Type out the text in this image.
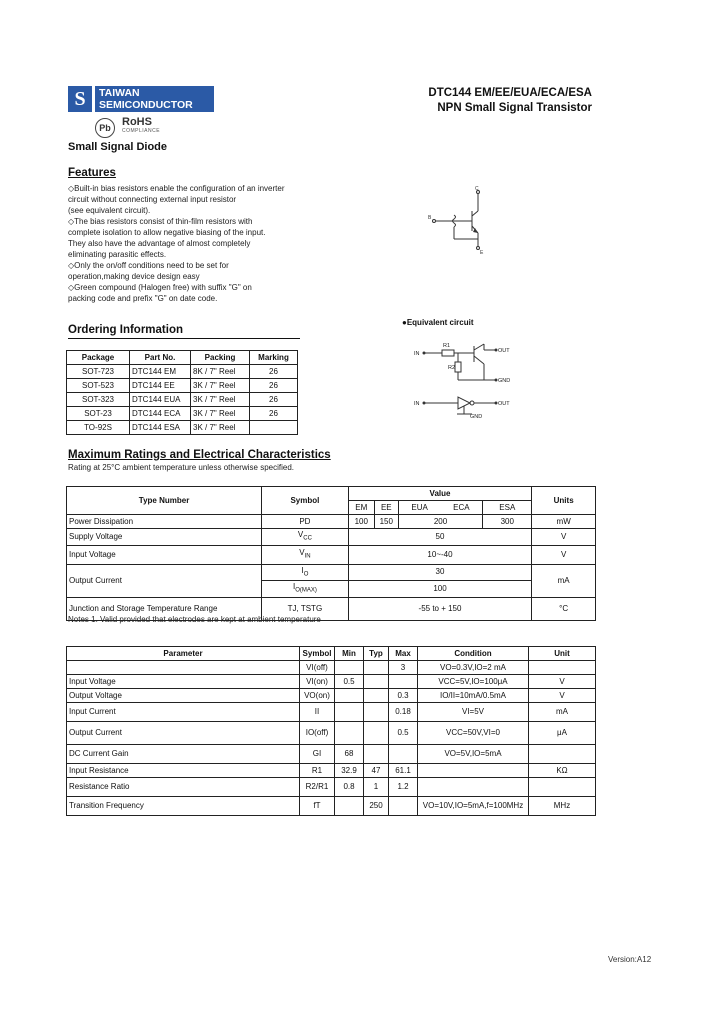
S	TAIWAN
SEMICONDUCTOR
Pb	RoHS
COMPLIANCE
DTC144 EM/EE/EUA/ECA/ESA
NPN Small Signal Transistor
Small Signal Diode
Features
◇Built-in bias resistors enable the configuration of an inverter
circuit without connecting external input resistor
(see equivalent circuit).
◇The bias resistors consist of thin-film resistors with
complete isolation to allow negative biasing of the input.
They also have the advantage of almost completely
eliminating parasitic effects.
◇Only the on/off conditions need to be set for
operation,making device design easy
◇Green compound (Halogen free) with suffix "G" on
packing code and prefix "G" on date code.
C
B
E
●Equivalent circuit
IN	OUT
GND
R1
R2
IN	OUT
GND
Ordering Information
Package	Part No.	Packing	Marking
SOT-723	DTC144 EM	8K / 7" Reel	26
SOT-523	DTC144 EE	3K / 7" Reel	26
SOT-323	DTC144 EUA	3K / 7" Reel	26
SOT-23	DTC144 ECA	3K / 7" Reel	26
TO-92S	DTC144 ESA	3K / 7" Reel	
Maximum Ratings and Electrical Characteristics
Rating at 25°C ambient temperature unless otherwise specified.
Type Number	Symbol	Value					Units
		EM	EE	EUA	ECA	ESA	
Power Dissipation	PD	100	150	200		300	mW
Supply Voltage	$V_{CC}$	50					V
Input Voltage	$V_{IN}$	10~-40					V
Output Current	$I_O$	30					mA
	$I_{O(MAX)}$	100					
Junction and Storage Temperature Range	TJ, TSTG	-55 to + 150					°C
Notes 1. Valid provided that electrodes are kept at ambient temperature
Parameter	Symbol	Min	Typ	Max	Condition	Unit
	VI(off)			3	VO=0.3V,IO=2 mA	
Input Voltage	VI(on)	0.5			VCC=5V,IO=100μA	V
Output Voltage	VO(on)			0.3	IO/II=10mA/0.5mA	V
Input Current	II			0.18	VI=5V	mA
Output Current	IO(off)			0.5	VCC=50V,VI=0	μA
DC Current Gain	GI	68			VO=5V,IO=5mA	
Input Resistance	R1	32.9	47	61.1		KΩ
Resistance Ratio	R2/R1	0.8	1	1.2		
Transition Frequency	fT		250		VO=10V,IO=5mA,f=100MHz	MHz
Version:A12
